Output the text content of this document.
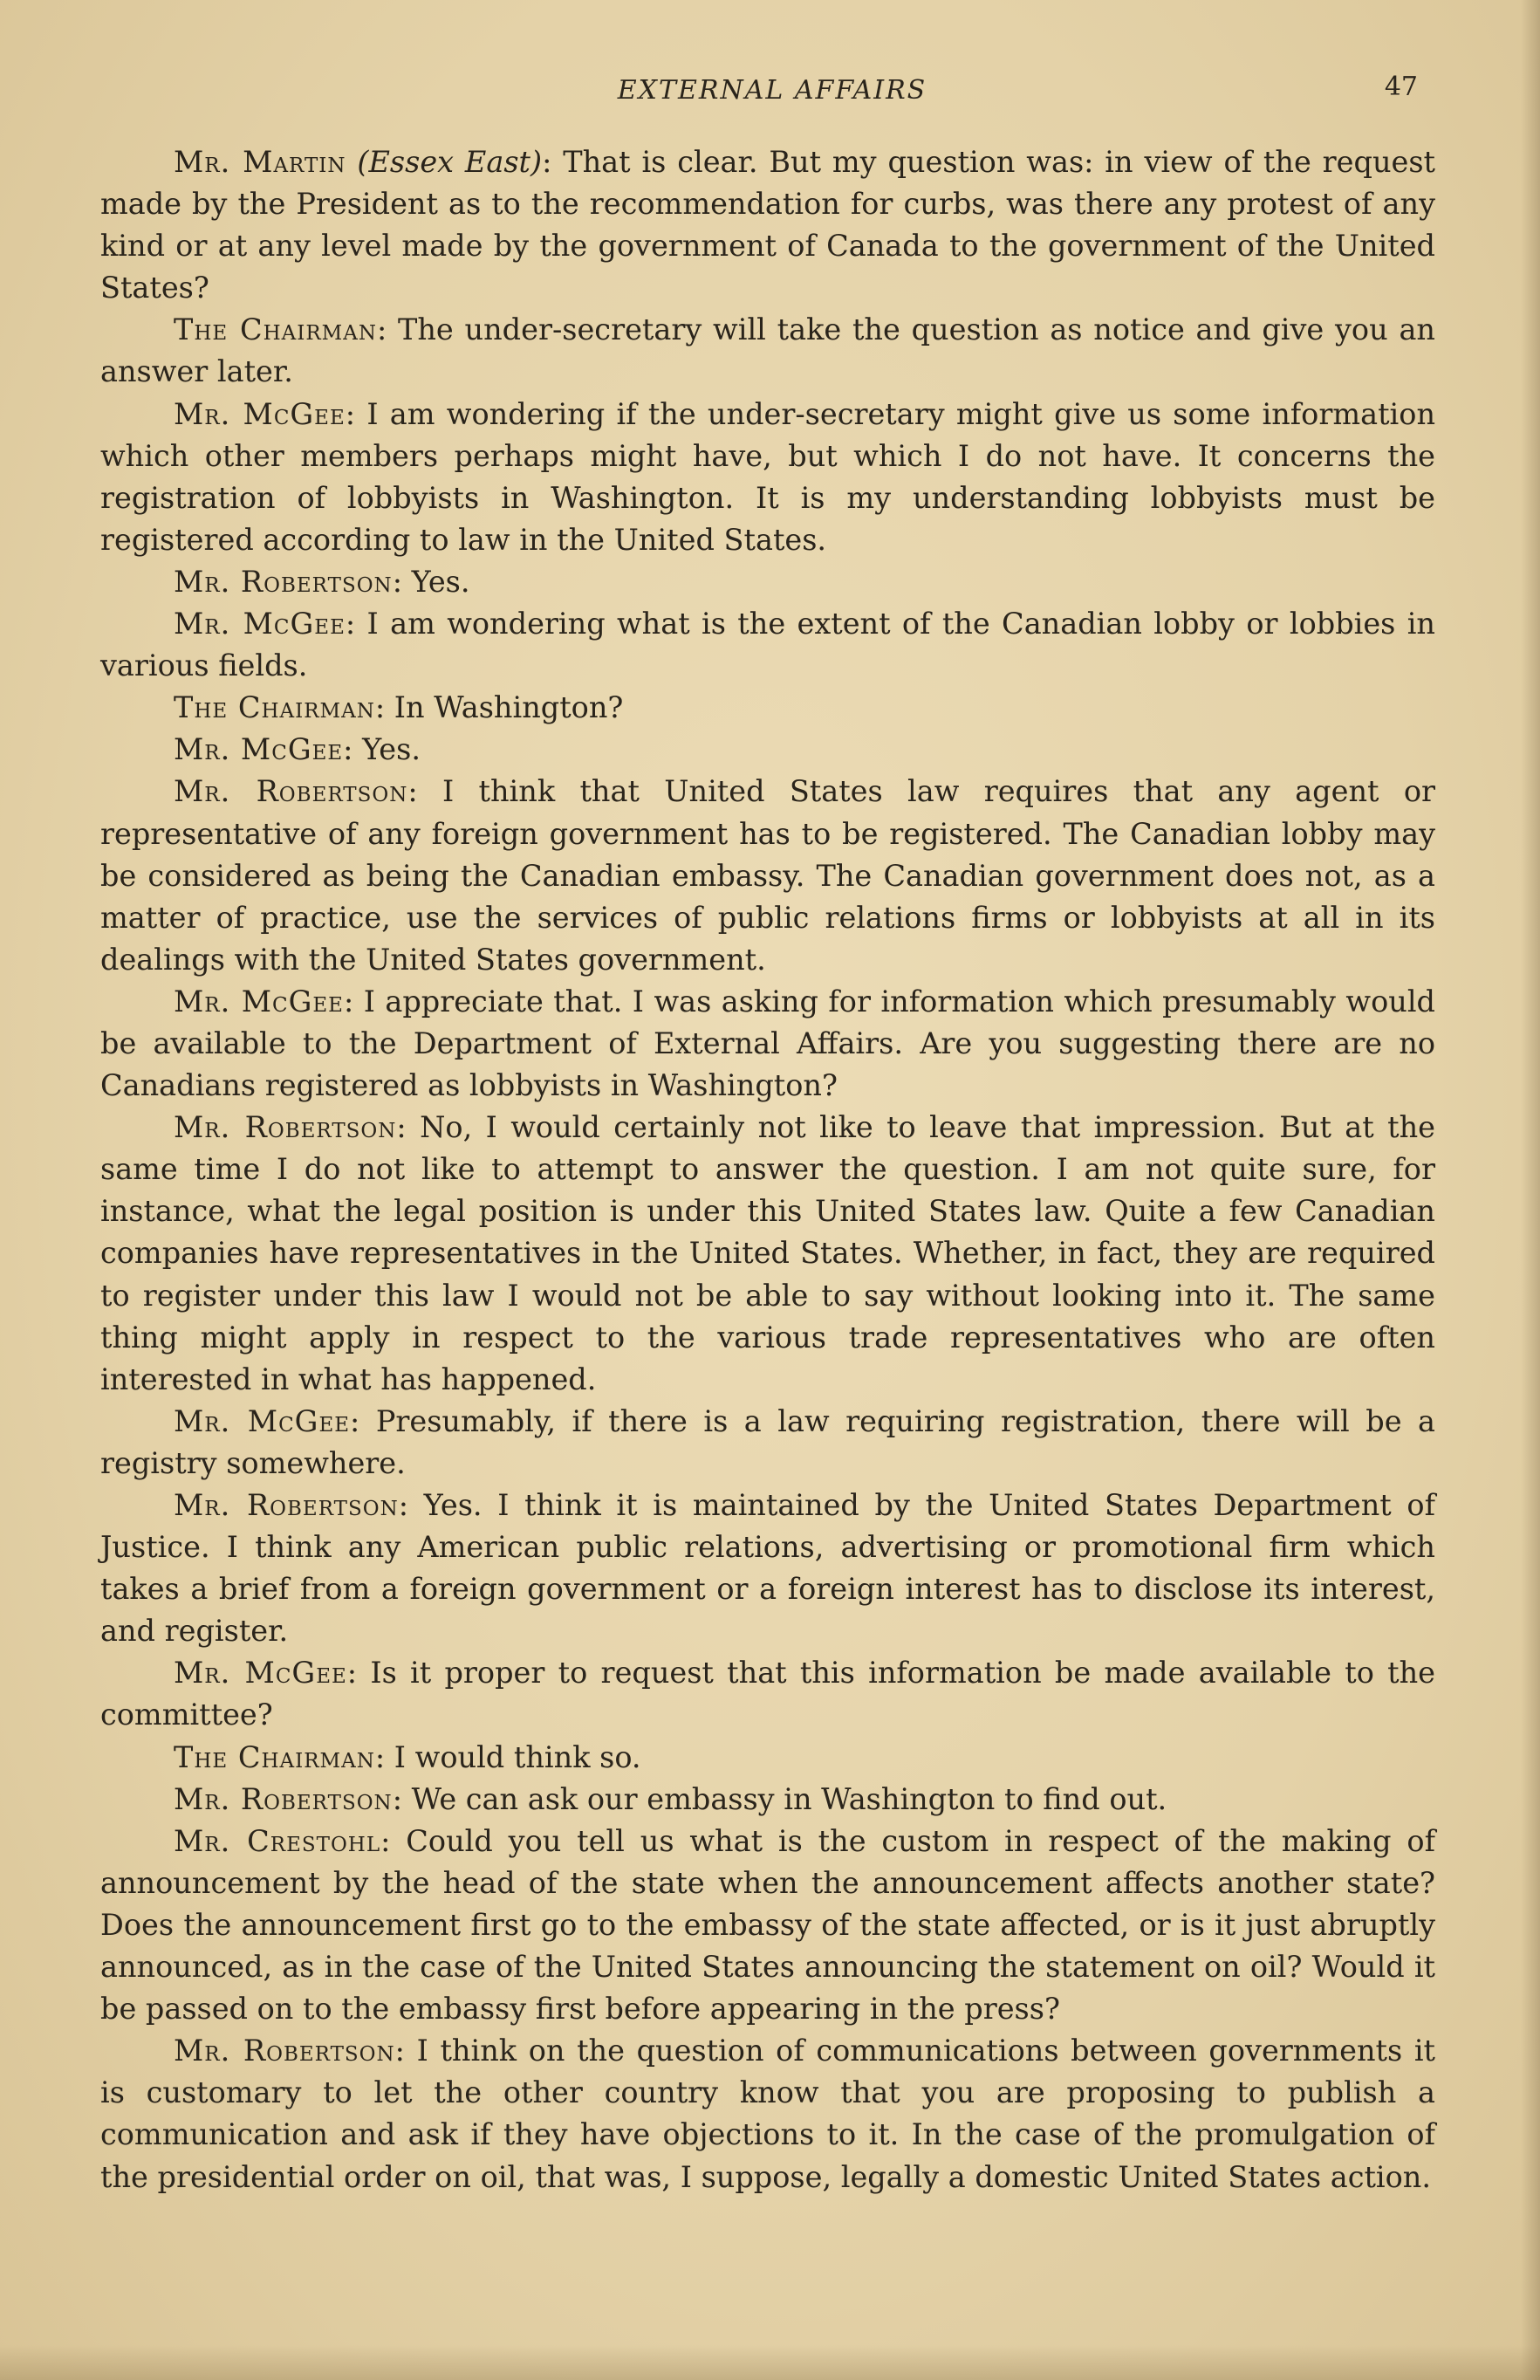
EXTERNAL AFFAIRS	47

Mr. Martin (Essex East): That is clear. But my question was: in view of the request made by the President as to the recommendation for curbs, was there any protest of any kind or at any level made by the government of Canada to the government of the United States?

The Chairman: The under-secretary will take the question as notice and give you an answer later.

Mr. McGee: I am wondering if the under-secretary might give us some information which other members perhaps might have, but which I do not have. It concerns the registration of lobbyists in Washington. It is my understanding lobbyists must be registered according to law in the United States.

Mr. Robertson: Yes.

Mr. McGee: I am wondering what is the extent of the Canadian lobby or lobbies in various fields.

The Chairman: In Washington?

Mr. McGee: Yes.

Mr. Robertson: I think that United States law requires that any agent or representative of any foreign government has to be registered. The Canadian lobby may be considered as being the Canadian embassy. The Canadian government does not, as a matter of practice, use the services of public relations firms or lobbyists at all in its dealings with the United States government.

Mr. McGee: I appreciate that. I was asking for information which presumably would be available to the Department of External Affairs. Are you suggesting there are no Canadians registered as lobbyists in Washington?

Mr. Robertson: No, I would certainly not like to leave that impression. But at the same time I do not like to attempt to answer the question. I am not quite sure, for instance, what the legal position is under this United States law. Quite a few Canadian companies have representatives in the United States. Whether, in fact, they are required to register under this law I would not be able to say without looking into it. The same thing might apply in respect to the various trade representatives who are often interested in what has happened.

Mr. McGee: Presumably, if there is a law requiring registration, there will be a registry somewhere.

Mr. Robertson: Yes. I think it is maintained by the United States Department of Justice. I think any American public relations, advertising or promotional firm which takes a brief from a foreign government or a foreign interest has to disclose its interest, and register.

Mr. McGee: Is it proper to request that this information be made available to the committee?

The Chairman: I would think so.

Mr. Robertson: We can ask our embassy in Washington to find out.

Mr. Crestohl: Could you tell us what is the custom in respect of the making of announcement by the head of the state when the announcement affects another state? Does the announcement first go to the embassy of the state affected, or is it just abruptly announced, as in the case of the United States announcing the statement on oil? Would it be passed on to the embassy first before appearing in the press?

Mr. Robertson: I think on the question of communications between governments it is customary to let the other country know that you are proposing to publish a communication and ask if they have objections to it. In the case of the promulgation of the presidential order on oil, that was, I suppose, legally a domestic United States action.
